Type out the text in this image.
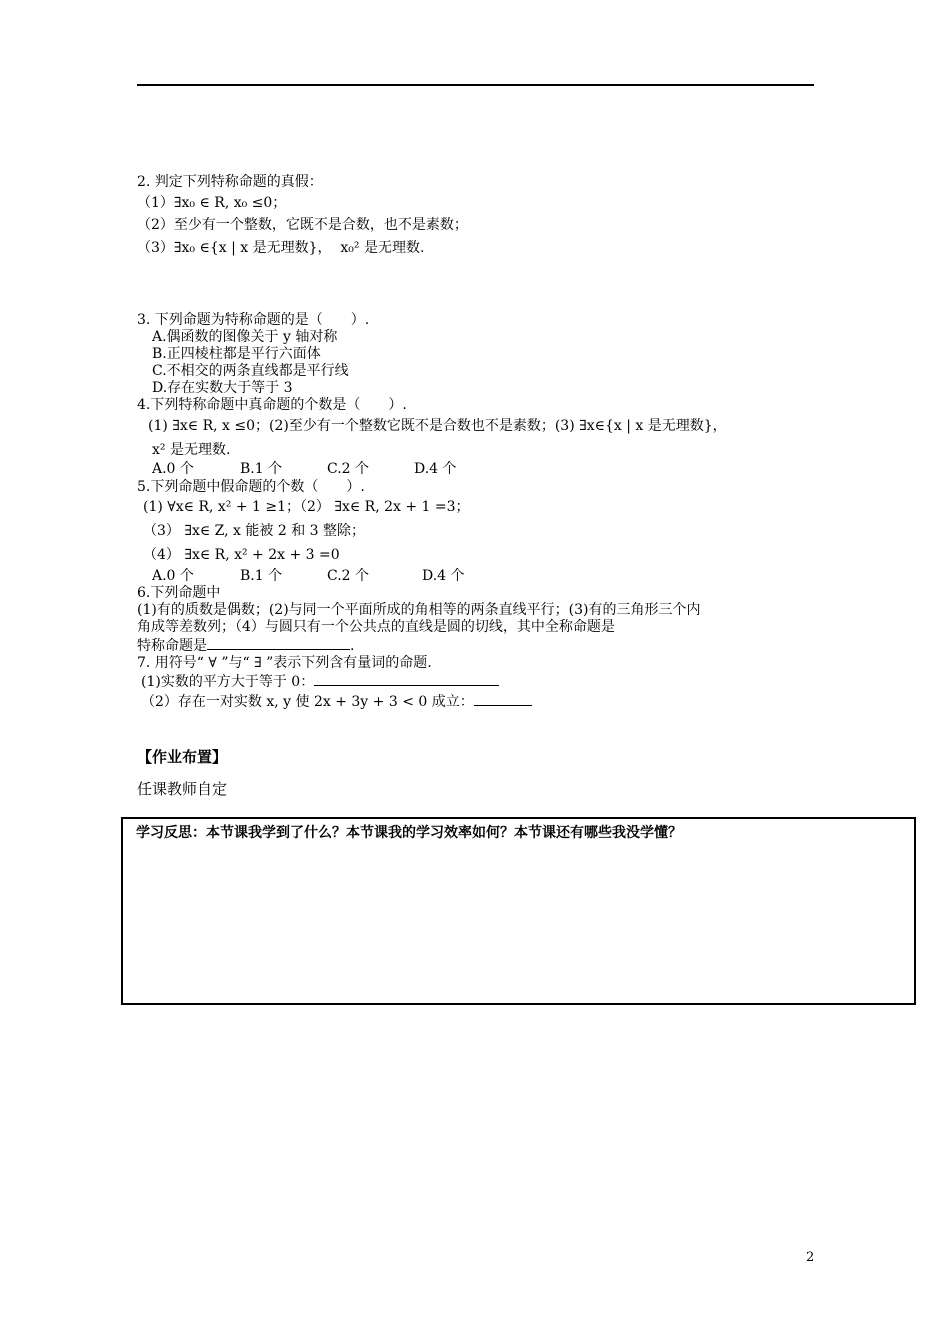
2. 判定下列特称命题的真假：
（1）∃x₀ ∈ R, x₀ ≤0；
（2）至少有一个整数，它既不是合数，也不是素数；
（3）∃x₀ ∈{x | x 是无理数}， x₀² 是无理数.
3. 下列命题为特称命题的是（　　）.
A.偶函数的图像关于 y 轴对称
B.正四棱柱都是平行六面体
C.不相交的两条直线都是平行线
D.存在实数大于等于 3
4.下列特称命题中真命题的个数是（　　）.
(1) ∃x∈ R, x ≤0；(2)至少有一个整数它既不是合数也不是素数；(3) ∃x∈{x | x 是无理数}，
x² 是无理数.
A.0 个	B.1 个	C.2 个	D.4 个
5.下列命题中假命题的个数（　　）.
(1) ∀x∈ R, x² + 1 ≥1；（2） ∃x∈ R, 2x + 1 =3；
（3） ∃x∈ Z, x 能被 2 和 3 整除；
（4） ∃x∈ R, x² + 2x + 3 =0
A.0 个	B.1 个	C.2 个	D.4 个
6.下列命题中
(1)有的质数是偶数；(2)与同一个平面所成的角相等的两条直线平行；(3)有的三角形三个内
角成等差数列；（4）与圆只有一个公共点的直线是圆的切线，其中全称命题是
特称命题是	.
7. 用符号“ ∀ ”与“ ∃ ”表示下列含有量词的命题.
(1)实数的平方大于等于 0：
（2）存在一对实数 x, y 使 2x + 3y + 3 < 0 成立：
【作业布置】
任课教师自定
学习反思：本节课我学到了什么？本节课我的学习效率如何？本节课还有哪些我没学懂？
2
